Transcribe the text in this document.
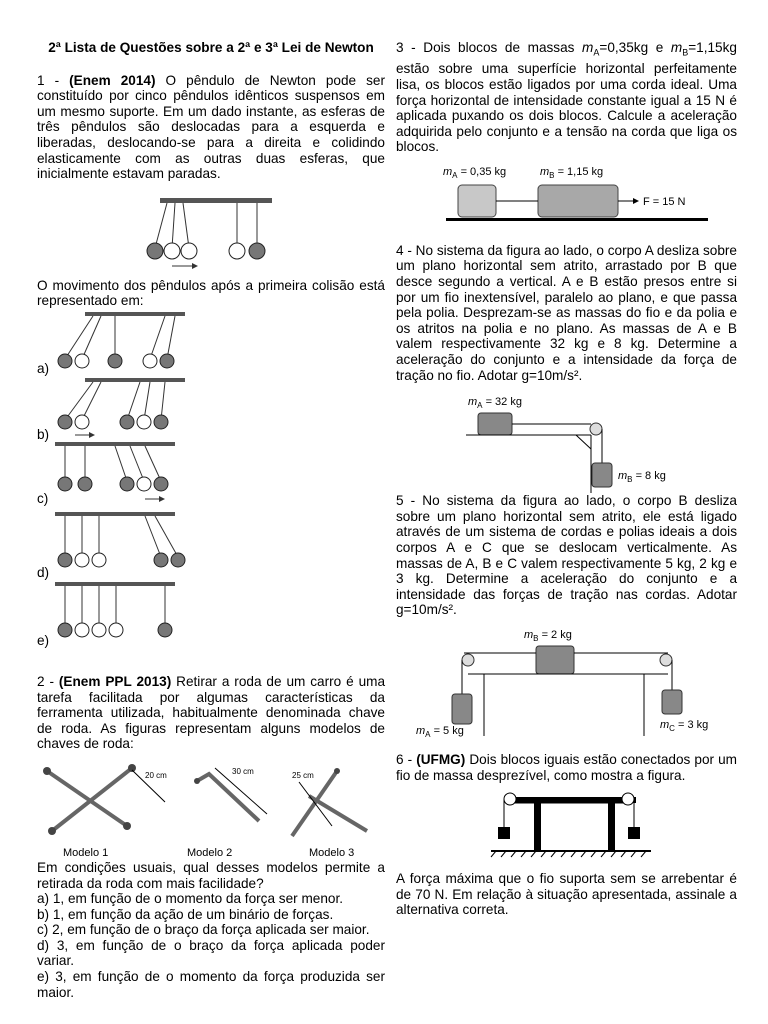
2ª Lista de Questões sobre a 2ª e 3ª Lei de Newton

1 - (Enem 2014) O pêndulo de Newton pode ser constituído por cinco pêndulos idênticos suspensos em um mesmo suporte. Em um dado instante, as esferas de três pêndulos são deslocadas para a esquerda e liberadas, deslocando-se para a direita e colidindo elasticamente com as outras duas esferas, que inicialmente estavam paradas.

O movimento dos pêndulos após a primeira colisão está representado em:

a)
b)
c)
d)
e)

2 - (Enem PPL 2013) Retirar a roda de um carro é uma tarefa facilitada por algumas características da ferramenta utilizada, habitualmente denominada chave de roda. As figuras representam alguns modelos de chaves de roda:

20 cm	30 cm	25 cm
Modelo 1	Modelo 2	Modelo 3

Em condições usuais, qual desses modelos permite a retirada da roda com mais facilidade?

a) 1, em função de o momento da força ser menor.

b) 1, em função da ação de um binário de forças.

c) 2, em função de o braço da força aplicada ser maior.

d) 3, em função de o braço da força aplicada poder variar.

e) 3, em função de o momento da força produzida ser maior.

3 - Dois blocos de massas $m_A=0,35kg$ e $m_B=1,15kg$ estão sobre uma superfície horizontal perfeitamente lisa, os blocos estão ligados por uma corda ideal. Uma força horizontal de intensidade constante igual a 15 N é aplicada puxando os dois blocos. Calcule a aceleração adquirida pelo conjunto e a tensão na corda que liga os blocos.

$m_A = 0,35$ kg	$m_B = 1,15$ kg
F = 15 N

4 - No sistema da figura ao lado, o corpo A desliza sobre um plano horizontal sem atrito, arrastado por B que desce segundo a vertical. A e B estão presos entre si por um fio inextensível, paralelo ao plano, e que passa pela polia. Desprezam-se as massas do fio e da polia e os atritos na polia e no plano. As massas de A e B valem respectivamente 32 kg e 8 kg. Determine a aceleração do conjunto e a intensidade da força de tração no fio. Adotar g=10m/s².

$m_A = 32$ kg
$m_B = 8$ kg

5 - No sistema da figura ao lado, o corpo B desliza sobre um plano horizontal sem atrito, ele está ligado através de um sistema de cordas e polias ideais a dois corpos A e C que se deslocam verticalmente. As massas de A, B e C valem respectivamente 5 kg, 2 kg e 3 kg. Determine a aceleração do conjunto e a intensidade das forças de tração nas cordas. Adotar g=10m/s².

$m_B = 2$ kg
$m_A = 5$ kg	$m_C = 3$ kg

6 - (UFMG) Dois blocos iguais estão conectados por um fio de massa desprezível, como mostra a figura.

A força máxima que o fio suporta sem se arrebentar é de 70 N. Em relação à situação apresentada, assinale a alternativa correta.
